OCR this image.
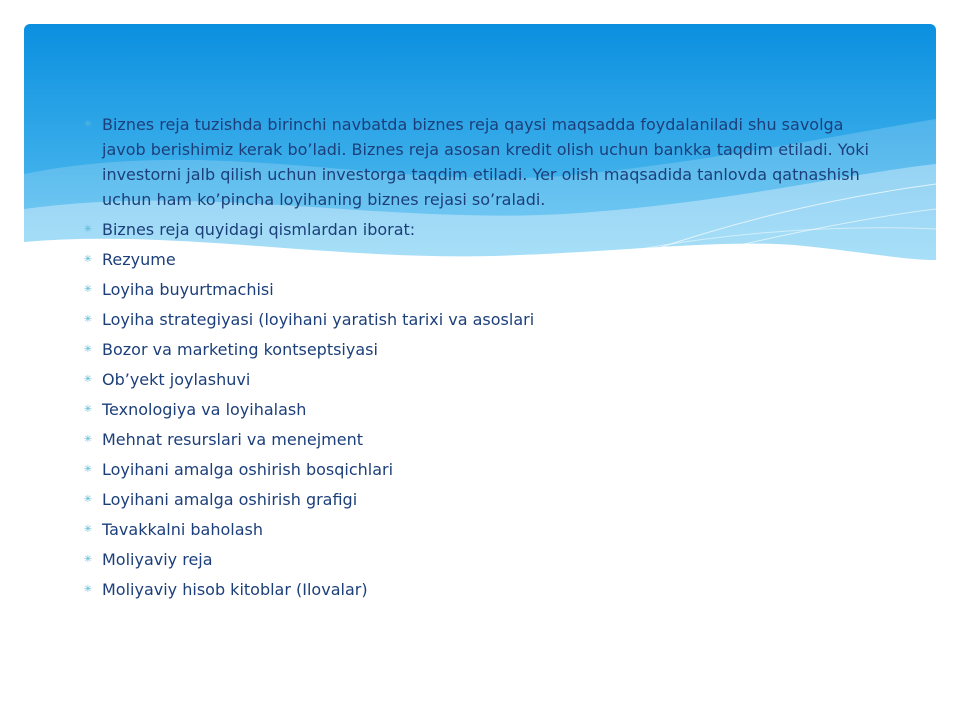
✳ Biznes reja tuzishda birinchi navbatda biznes reja qaysi maqsadda foydalaniladi shu savolga javob berishimiz kerak bo’ladi. Biznes reja asosan kredit olish uchun bankka taqdim etiladi. Yoki investorni jalb qilish uchun investorga taqdim etiladi. Yer olish maqsadida tanlovda qatnashish uchun ham ko’pincha loyihaning biznes rejasi so’raladi.
✳ Biznes reja quyidagi qismlardan iborat:
✳ Rezyume
✳ Loyiha buyurtmachisi
✳ Loyiha strategiyasi (loyihani yaratish tarixi va asoslari
✳ Bozor va marketing kontseptsiyasi
✳ Ob’yekt joylashuvi
✳ Texnologiya va loyihalash
✳ Mehnat resurslari va menejment
✳ Loyihani amalga oshirish bosqichlari
✳ Loyihani amalga oshirish grafigi
✳ Tavakkalni baholash
✳ Moliyaviy reja
✳ Moliyaviy hisob kitoblar (Ilovalar)
